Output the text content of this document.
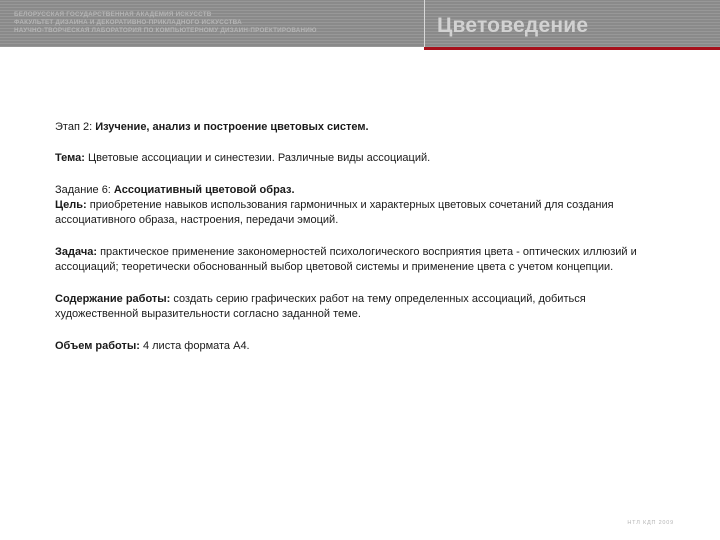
БЕЛОРУССКАЯ ГОСУДАРСТВЕННАЯ АКАДЕМИЯ ИСКУССТВ
ФАКУЛЬТЕТ ДИЗАЙНА И ДЕКОРАТИВНО-ПРИКЛАДНОГО ИСКУССТВА
НАУЧНО-ТВОРЧЕСКАЯ ЛАБОРАТОРИЯ ПО КОМПЬЮТЕРНОМУ ДИЗАЙН-ПРОЕКТИРОВАНИЮ	Цветоведение

Этап 2: Изучение, анализ и построение цветовых систем.

Тема: Цветовые ассоциации и синестезии. Различные виды ассоциаций.

Задание 6: Ассоциативный цветовой образ.

Цель: приобретение навыков использования гармоничных и характерных цветовых сочетаний для создания ассоциативного образа, настроения, передачи эмоций.

Задача: практическое применение закономерностей психологического восприятия цвета - оптических иллюзий и ассоциаций; теоретически обоснованный выбор цветовой системы и применение цвета с учетом концепции.

Содержание работы: создать серию графических работ на тему определенных ассоциаций, добиться художественной выразительности согласно заданной теме.

Объем работы: 4 листа формата А4.

НТЛ КДП 2009
